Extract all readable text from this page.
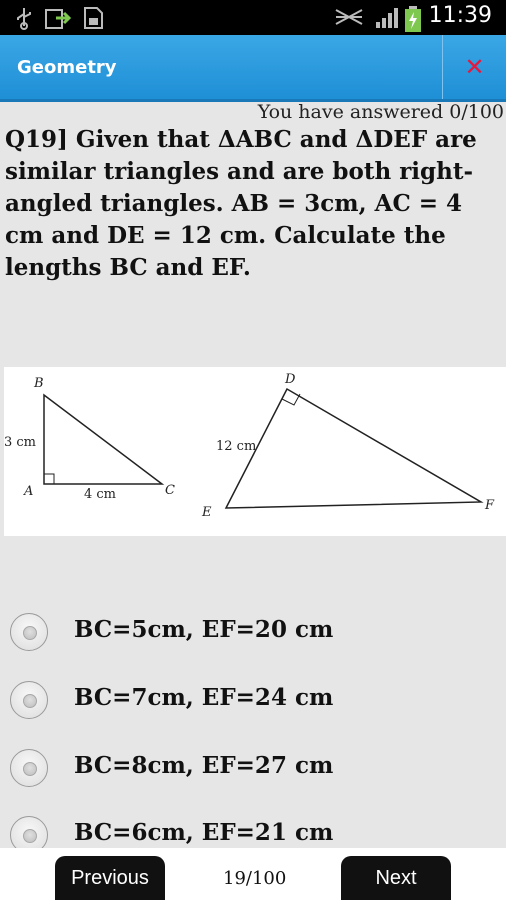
11:39
Geometry	✕
You have answered 0/100
Q19] Given that ΔABC and ΔDEF are similar triangles and are both right-angled triangles. AB = 3cm, AC = 4 cm and DE = 12 cm. Calculate the lengths BC and EF.
B
A	C
3 cm
4 cm
D
E	F
12 cm
BC=5cm, EF=20 cm
BC=7cm, EF=24 cm
BC=8cm, EF=27 cm
BC=6cm, EF=21 cm
Previous	19/100	Next
